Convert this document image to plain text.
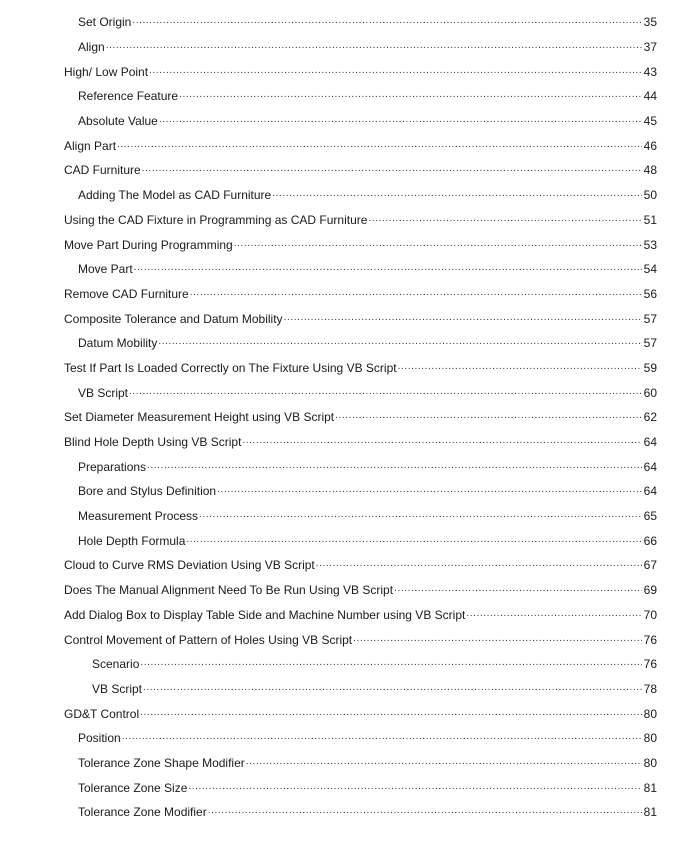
Set Origin .....	35
Align .....	37
High/ Low Point .....	43
Reference Feature .....	44
Absolute Value .....	45
Align Part .....	46
CAD Furniture .....	48
Adding The Model as CAD Furniture .....	50
Using the CAD Fixture in Programming as CAD Furniture .....	51
Move Part During Programming .....	53
Move Part .....	54
Remove CAD Furniture .....	56
Composite Tolerance and Datum Mobility .....	57
Datum Mobility .....	57
Test If Part Is Loaded Correctly on The Fixture Using VB Script .....	59
VB Script .....	60
Set Diameter Measurement Height using VB Script .....	62
Blind Hole Depth Using VB Script .....	64
Preparations .....	64
Bore and Stylus Definition .....	64
Measurement Process .....	65
Hole Depth Formula .....	66
Cloud to Curve RMS Deviation Using VB Script .....	67
Does The Manual Alignment Need To Be Run Using VB Script .....	69
Add Dialog Box to Display Table Side and Machine Number using VB Script .....	70
Control Movement of Pattern of Holes Using VB Script .....	76
Scenario .....	76
VB Script .....	78
GD&T Control .....	80
Position .....	80
Tolerance Zone Shape Modifier .....	80
Tolerance Zone Size .....	81
Tolerance Zone Modifier .....	81
